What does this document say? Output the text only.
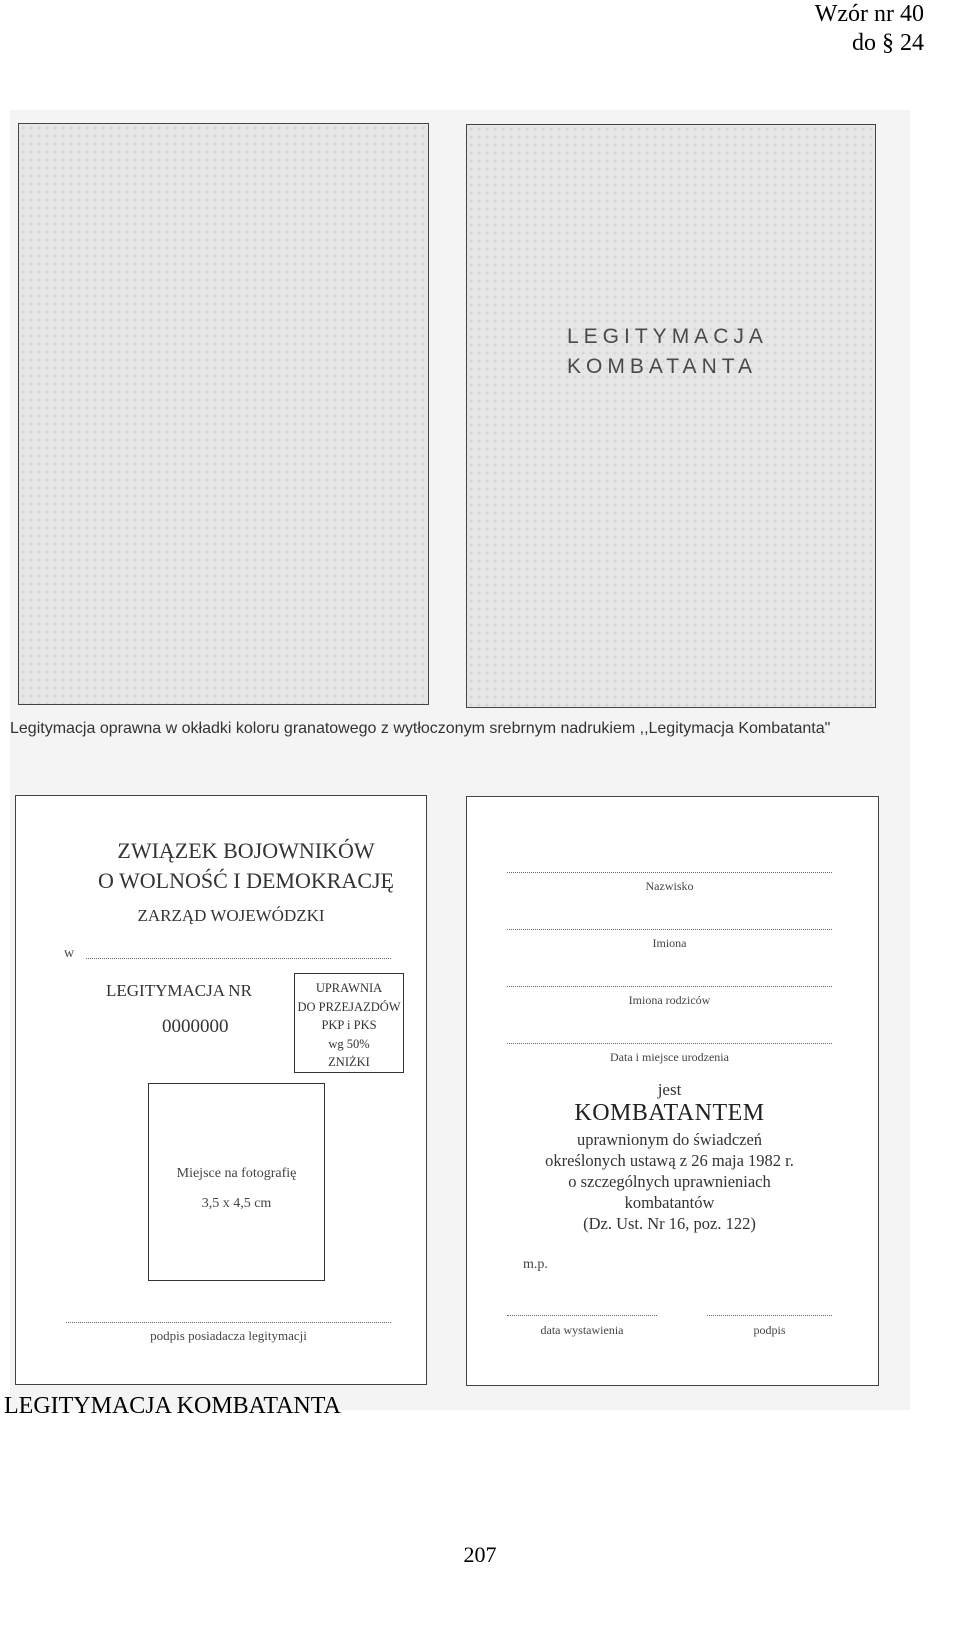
Wzór nr 40
do § 24
LEGITYMACJA
KOMBATANTA
Legitymacja oprawna w okładki koloru granatowego z wytłoczonym srebrnym nadrukiem ,,Legitymacja Kombatanta"
ZWIĄZEK BOJOWNIKÓW
O WOLNOŚĆ I DEMOKRACJĘ
ZARZĄD WOJEWÓDZKI
w
LEGITYMACJA NR
0000000
UPRAWNIA
DO PRZEJAZDÓW
PKP i PKS
wg 50%
ZNIŻKI
Miejsce na fotografię
3,5 x 4,5 cm
podpis posiadacza legitymacji
Nazwisko
Imiona
Imiona rodziców
Data i miejsce urodzenia
jest
KOMBATANTEM
uprawnionym do świadczeń
określonych ustawą z 26 maja 1982 r.
o szczególnych uprawnieniach
kombatantów
(Dz. Ust. Nr 16, poz. 122)
m.p.
data wystawienia	podpis
LEGITYMACJA KOMBATANTA
207
